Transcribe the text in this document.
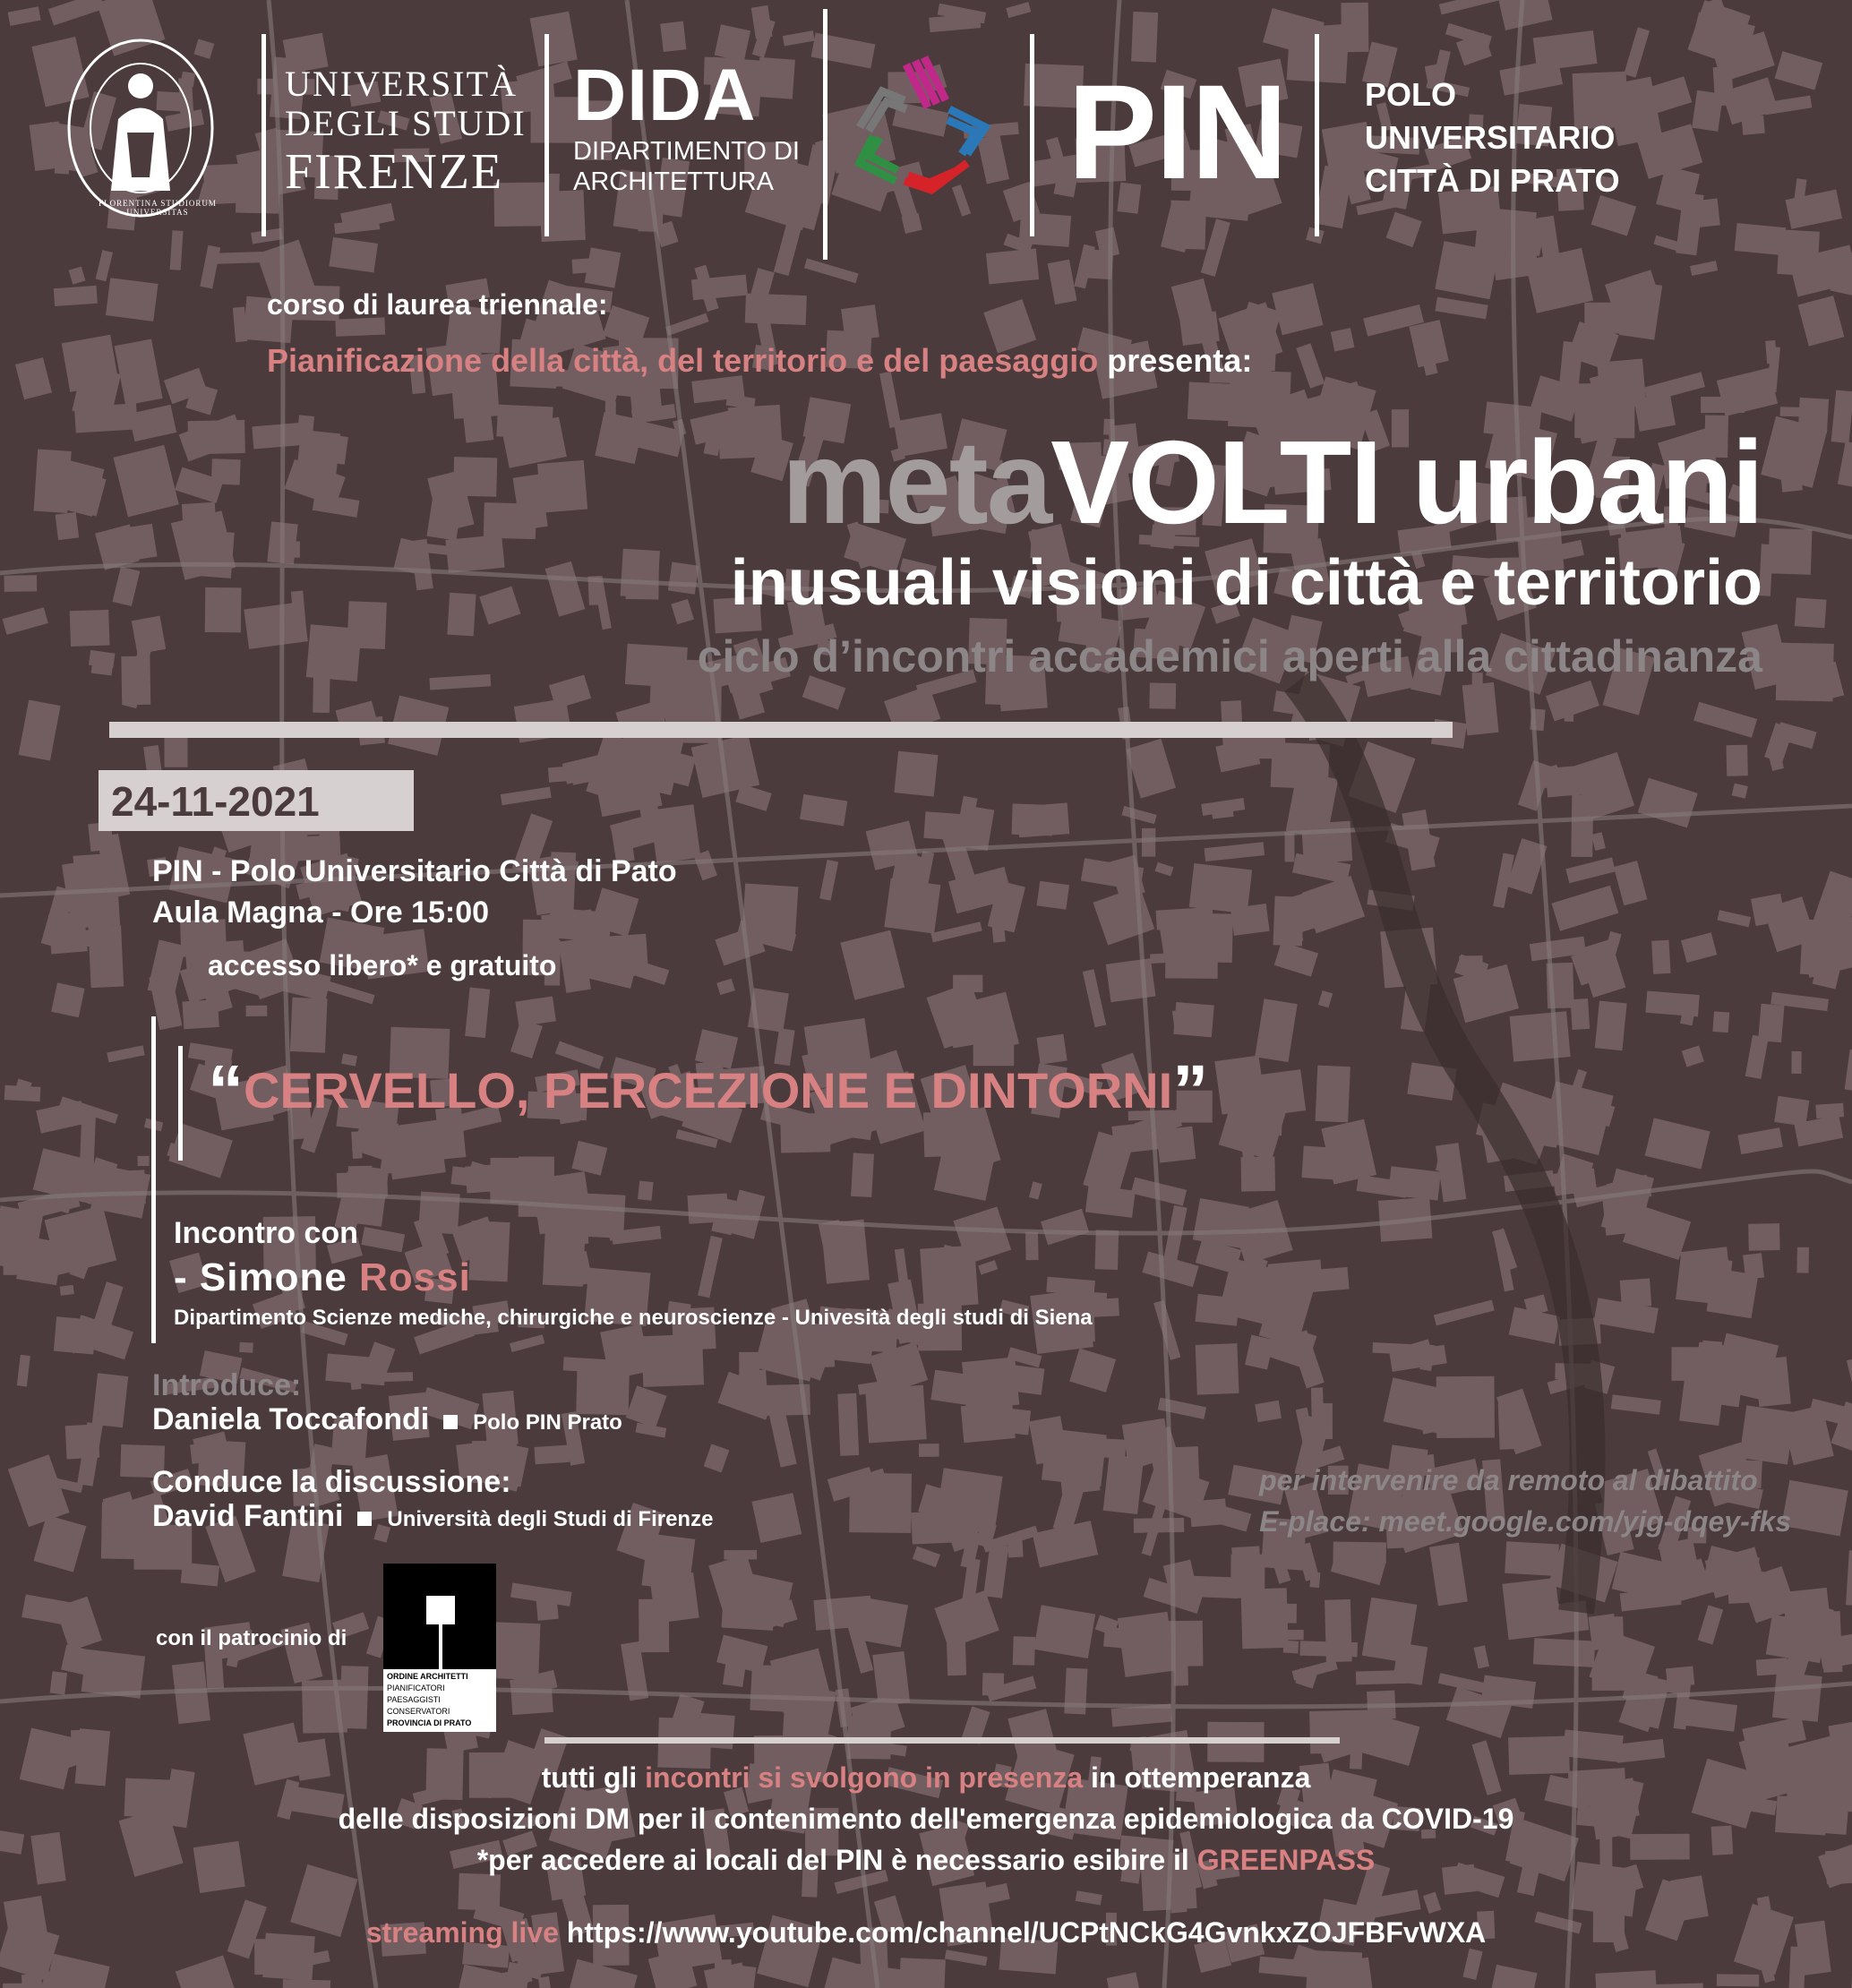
FLORENTINA STUDIORUM UNIVERSITAS
UNIVERSITÀ
DEGLI STUDI
FIRENZE
DIDA
DIPARTIMENTO DI
ARCHITETTURA	PIN POLO
UNIVERSITARIO
CITTÀ DI PRATO
corso di laurea triennale:
Pianificazione della città, del territorio e del paesaggio presenta:
metaVOLTI urbani
inusuali visioni di città e territorio
ciclo d’incontri accademici aperti alla cittadinanza
24-11-2021
PIN - Polo Universitario Città di Pato
Aula Magna - Ore 15:00
accesso libero* e gratuito
“CERVELLO, PERCEZIONE E DINTORNI”
Incontro con
- Simone Rossi
Dipartimento Scienze mediche, chirurgiche e neuroscienze - Univesità degli studi di Siena
Introduce:
Daniela Toccafondi Polo PIN Prato
Conduce la discussione:
David Fantini Università degli Studi di Firenze
per intervenire da remoto al dibattito
E-place: meet.google.com/yjg-dqey-fks
con il patrocinio di
ORDINE ARCHITETTI
PIANIFICATORI
PAESAGGISTI
CONSERVATORI
PROVINCIA DI PRATO
tutti gli incontri si svolgono in presenza in ottemperanza
delle disposizioni DM per il contenimento dell'emergenza epidemiologica da COVID-19
*per accedere ai locali del PIN è necessario esibire il GREENPASS
streaming live https://www.youtube.com/channel/UCPtNCkG4GvnkxZOJFBFvWXA
